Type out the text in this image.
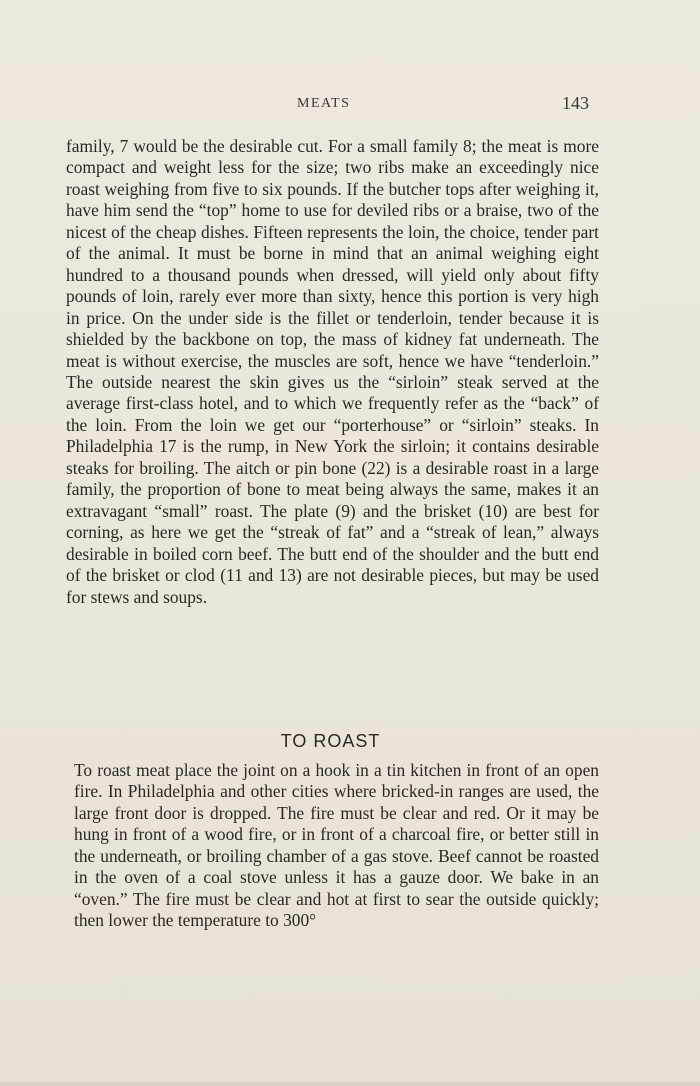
MEATS	143

family, 7 would be the desirable cut. For a small family 8; the meat is more compact and weight less for the size; two ribs make an exceedingly nice roast weighing from five to six pounds. If the butcher tops after weighing it, have him send the “top” home to use for deviled ribs or a braise, two of the nicest of the cheap dishes. Fifteen represents the loin, the choice, tender part of the animal. It must be borne in mind that an animal weighing eight hundred to a thousand pounds when dressed, will yield only about fifty pounds of loin, rarely ever more than sixty, hence this portion is very high in price. On the under side is the fillet or tenderloin, tender because it is shielded by the backbone on top, the mass of kidney fat underneath. The meat is without exercise, the muscles are soft, hence we have “tenderloin.” The outside nearest the skin gives us the “sirloin” steak served at the average first-class hotel, and to which we frequently refer as the “back” of the loin. From the loin we get our “porterhouse” or “sirloin” steaks. In Philadelphia 17 is the rump, in New York the sirloin; it contains desirable steaks for broiling. The aitch or pin bone (22) is a desirable roast in a large family, the proportion of bone to meat being always the same, makes it an extravagant “small” roast. The plate (9) and the brisket (10) are best for corning, as here we get the “streak of fat” and a “streak of lean,” always desirable in boiled corn beef. The butt end of the shoulder and the butt end of the brisket or clod (11 and 13) are not desirable pieces, but may be used for stews and soups.

TO ROAST

To roast meat place the joint on a hook in a tin kitchen in front of an open fire. In Philadelphia and other cities where bricked-in ranges are used, the large front door is dropped. The fire must be clear and red. Or it may be hung in front of a wood fire, or in front of a charcoal fire, or better still in the underneath, or broiling chamber of a gas stove. Beef cannot be roasted in the oven of a coal stove unless it has a gauze door. We bake in an “oven.” The fire must be clear and hot at first to sear the outside quickly; then lower the temperature to 300°
